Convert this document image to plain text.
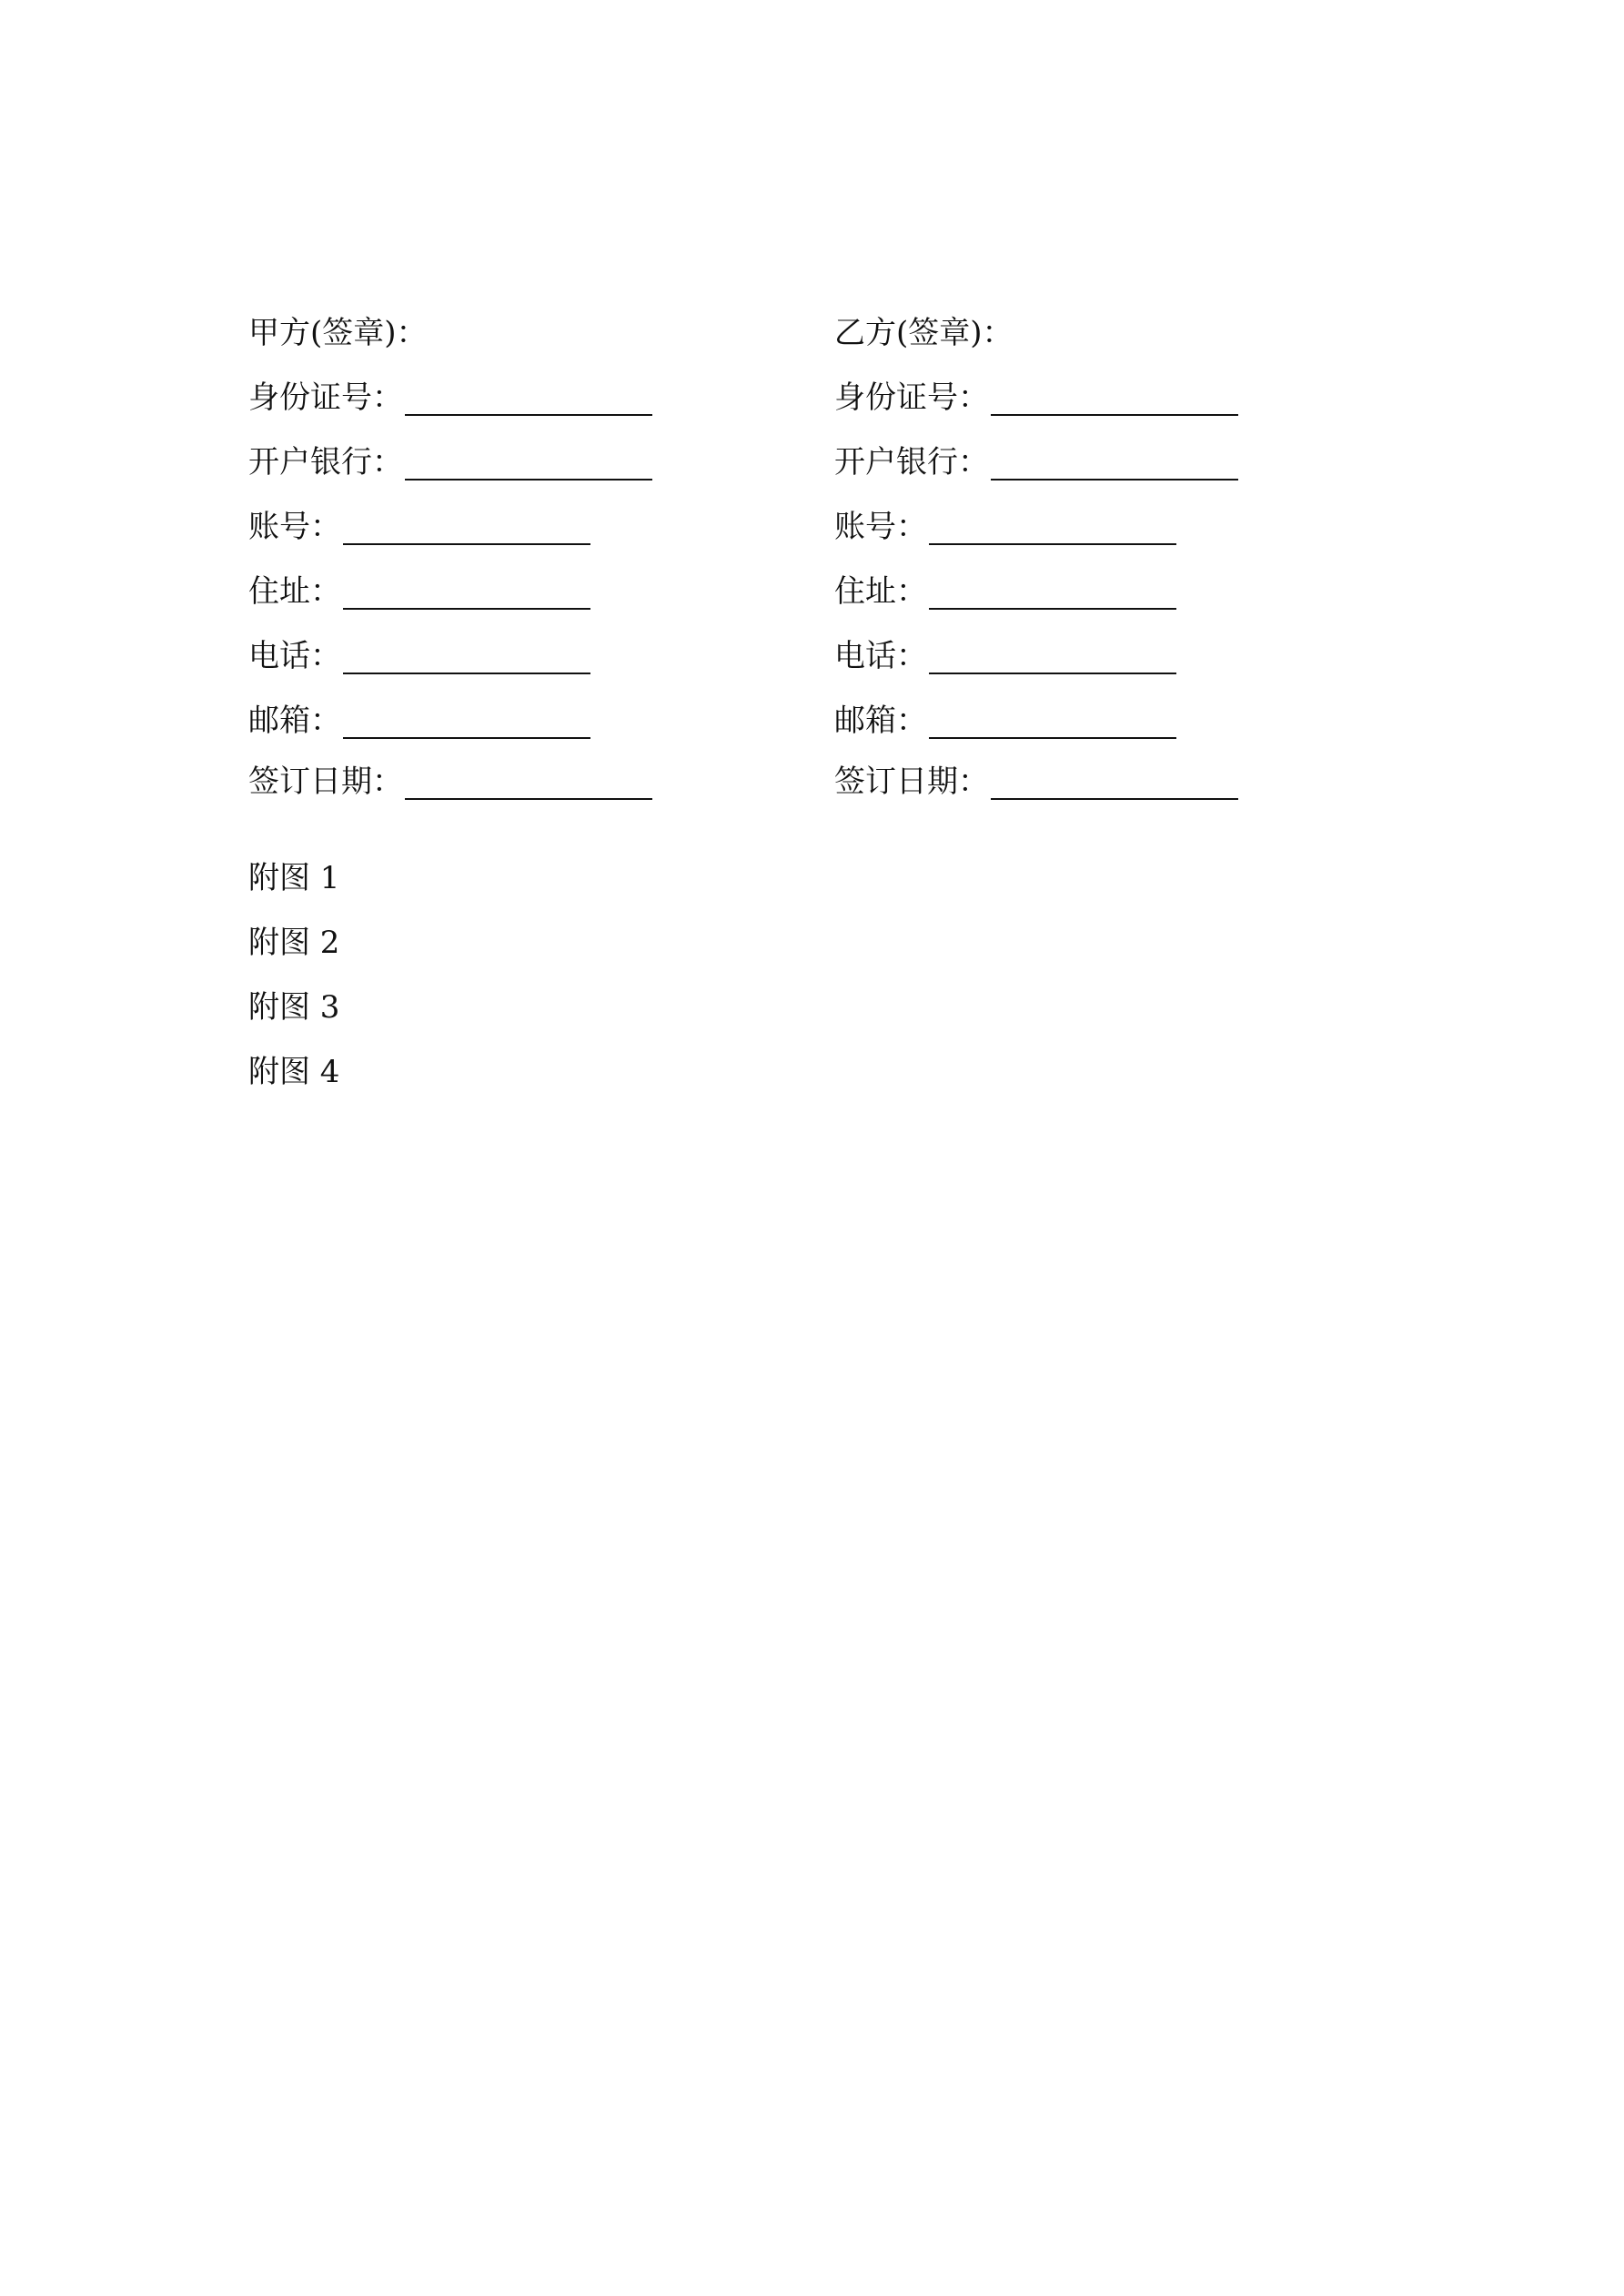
甲方(签章)：
身份证号：
开户银行：
账号：
住址：
电话：
邮箱：
签订日期：
乙方(签章)：
身份证号：
开户银行：
账号：
住址：
电话：
邮箱：
签订日期：
附图 1
附图 2
附图 3
附图 4
